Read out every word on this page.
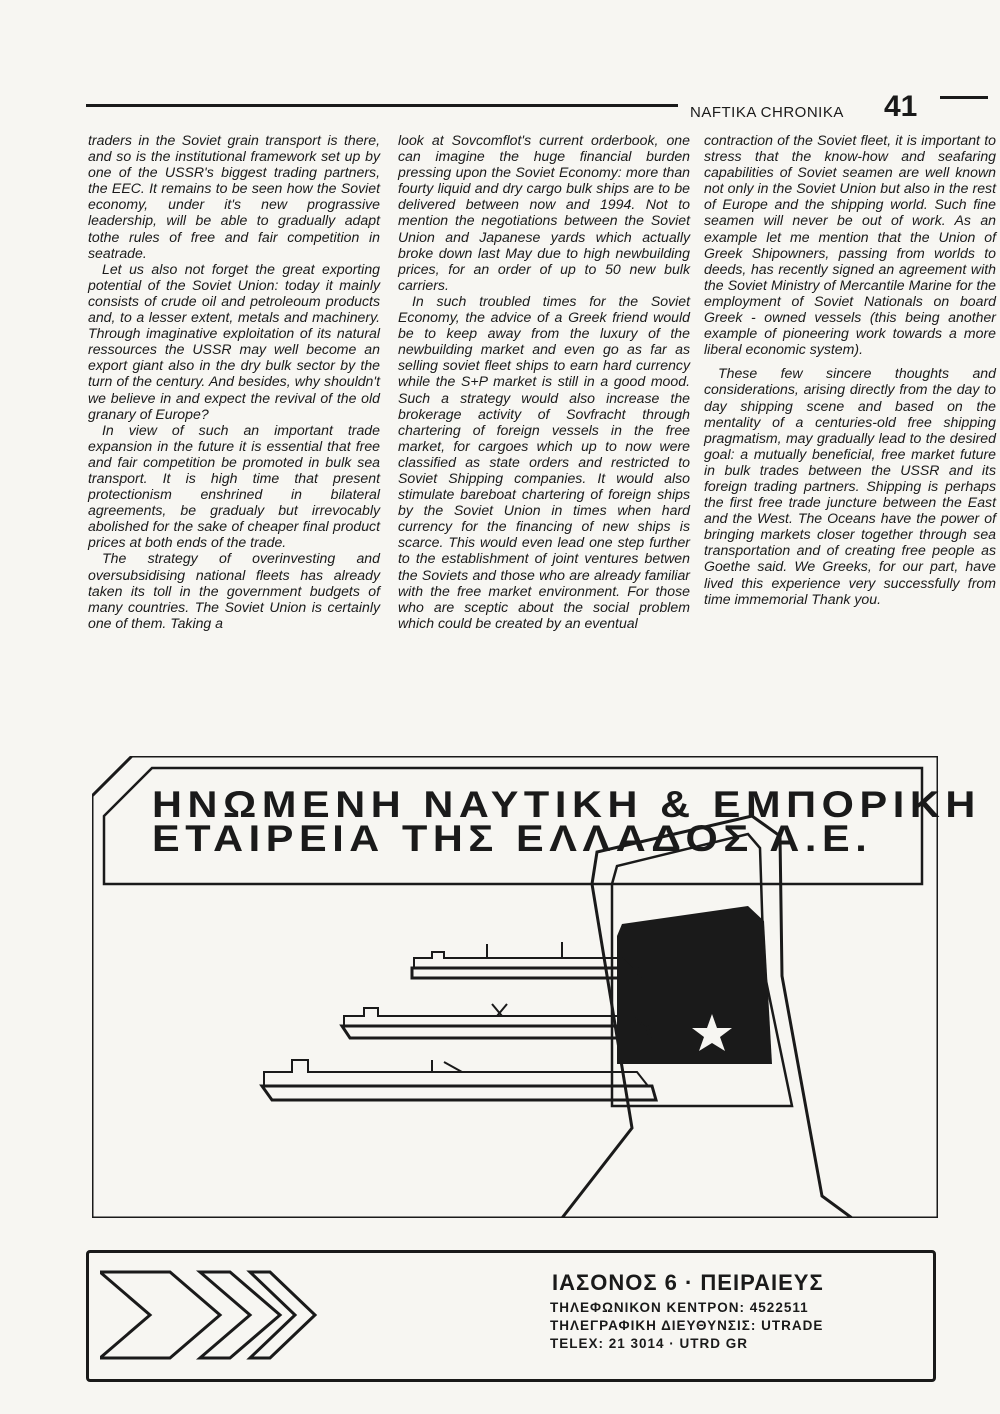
NAFTIKA CHRONIKA 41

traders in the Soviet grain transport is there, and so is the institutional framework set up by one of the USSR's biggest trading partners, the EEC. It remains to be seen how the Soviet economy, under it's new prograssive leadership, will be able to gradually adapt tothe rules of free and fair competition in seatrade.

Let us also not forget the great exporting potential of the Soviet Union: today it mainly consists of crude oil and petroleoum products and, to a lesser extent, metals and machinery. Through imaginative exploitation of its natural ressources the USSR may well become an export giant also in the dry bulk sector by the turn of the century. And besides, why shouldn't we believe in and expect the revival of the old granary of Europe?

In view of such an important trade expansion in the future it is essential that free and fair competition be promoted in bulk sea transport. It is high time that present protectionism enshrined in bilateral agreements, be gradualy but irrevocably abolished for the sake of cheaper final product prices at both ends of the trade.

The strategy of overinvesting and oversubsidising national fleets has already taken its toll in the government budgets of many countries. The Soviet Union is certainly one of them. Taking a

look at Sovcomflot's current orderbook, one can imagine the huge financial burden pressing upon the Soviet Economy: more than fourty liquid and dry cargo bulk ships are to be delivered between now and 1994. Not to mention the negotiations between the Soviet Union and Japanese yards which actually broke down last May due to high newbuilding prices, for an order of up to 50 new bulk carriers.

In such troubled times for the Soviet Economy, the advice of a Greek friend would be to keep away from the luxury of the newbuilding market and even go as far as selling soviet fleet ships to earn hard currency while the S+P market is still in a good mood. Such a strategy would also increase the brokerage activity of Sovfracht through chartering of foreign vessels in the free market, for cargoes which up to now were classified as state orders and restricted to Soviet Shipping companies. It would also stimulate bareboat chartering of foreign ships by the Soviet Union in times when hard currency for the financing of new ships is scarce. This would even lead one step further to the establishment of joint ventures betwen the Soviets and those who are already familiar with the free market environment. For those who are sceptic about the social problem which could be created by an eventual

contraction of the Soviet fleet, it is important to stress that the know-how and seafaring capabilities of Soviet seamen are well known not only in the Soviet Union but also in the rest of Europe and the shipping world. Such fine seamen will never be out of work. As an example let me mention that the Union of Greek Shipowners, passing from worlds to deeds, has recently signed an agreement with the Soviet Ministry of Mercantile Marine for the employment of Soviet Nationals on board Greek - owned vessels (this being another example of pioneering work towards a more liberal economic system).

These few sincere thoughts and considerations, arising directly from the day to day shipping scene and based on the mentality of a centuries-old free shipping pragmatism, may gradually lead to the desired goal: a mutually beneficial, free market future in bulk trades between the USSR and its foreign trading partners. Shipping is perhaps the first free trade juncture between the East and the West. The Oceans have the power of bringing markets closer together through sea transportation and of creating free people as Goethe said. We Greeks, for our part, have lived this experience very successfully from time immemorial Thank you.

ΗΝΩΜΕΝΗ ΝΑΥΤΙΚΗ & ΕΜΠΟΡΙΚΗ
ΕΤΑΙΡΕΙΑ ΤΗΣ ΕΛΛΑΔΟΣ Α.Ε.
ΙΑΣΟΝΟΣ 6 · ΠΕΙΡΑΙΕΥΣ
ΤΗΛΕΦΩΝΙΚΟΝ ΚΕΝΤΡΟΝ: 4522511
ΤΗΛΕΓΡΑΦΙΚΗ ΔΙΕΥΘΥΝΣΙΣ: UTRADE
TELEX: 21 3014 · UTRD GR
